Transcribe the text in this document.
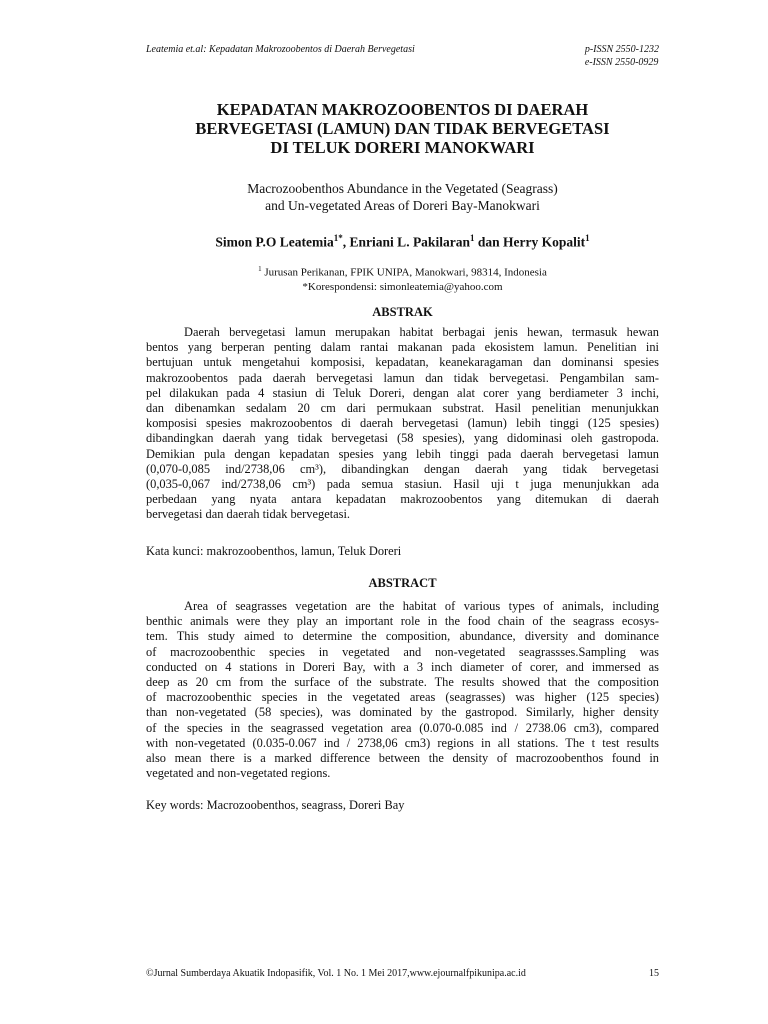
Leatemia et.al: Kepadatan Makrozoobentos di Daerah Bervegetasi	p-ISSN 2550-1232
e-ISSN 2550-0929
KEPADATAN MAKROZOOBENTOS DI DAERAH
BERVEGETASI (LAMUN) DAN TIDAK BERVEGETASI
DI TELUK DORERI MANOKWARI
Macrozoobenthos Abundance in the Vegetated (Seagrass)
and Un-vegetated Areas of Doreri Bay-Manokwari
Simon P.O Leatemia$^{1*}$, Enriani L. Pakilaran$^1$ dan Herry Kopalit$^1$
$^1$ Jurusan Perikanan, FPIK UNIPA, Manokwari, 98314, Indonesia
*Korespondensi: simonleatemia@yahoo.com
ABSTRAK
Daerah bervegetasi lamun merupakan habitat berbagai jenis hewan, termasuk hewan
bentos yang berperan penting dalam rantai makanan pada ekosistem lamun. Penelitian ini
bertujuan untuk mengetahui komposisi, kepadatan, keanekaragaman dan dominansi spesies
makrozoobentos pada daerah bervegetasi lamun dan tidak bervegetasi. Pengambilan sam-
pel dilakukan pada 4 stasiun di Teluk Doreri, dengan alat corer yang berdiameter 3 inchi,
dan dibenamkan sedalam 20 cm dari permukaan substrat. Hasil penelitian menunjukkan
komposisi spesies makrozoobentos di daerah bervegetasi (lamun) lebih tinggi (125 spesies)
dibandingkan daerah yang tidak bervegetasi (58 spesies), yang didominasi oleh gastropoda.
Demikian pula dengan kepadatan spesies yang lebih tinggi pada daerah bervegetasi lamun
(0,070-0,085 ind/2738,06 cm³), dibandingkan dengan daerah yang tidak bervegetasi
(0,035-0,067 ind/2738,06 cm³) pada semua stasiun. Hasil uji t juga menunjukkan ada
perbedaan yang nyata antara kepadatan makrozoobentos yang ditemukan di daerah
bervegetasi dan daerah tidak bervegetasi.
Kata kunci: makrozoobenthos, lamun, Teluk Doreri
ABSTRACT
Area of seagrasses vegetation are the habitat of various types of animals, including
benthic animals were they play an important role in the food chain of the seagrass ecosys-
tem. This study aimed to determine the composition, abundance, diversity and dominance
of macrozoobenthic species in vegetated and non-vegetated seagrassses.Sampling was
conducted on 4 stations in Doreri Bay, with a 3 inch diameter of corer, and immersed as
deep as 20 cm from the surface of the substrate. The results showed that the composition
of macrozoobenthic species in the vegetated areas (seagrasses) was higher (125 species)
than non-vegetated (58 species), was dominated by the gastropod. Similarly, higher density
of the species in the seagrassed vegetation area (0.070-0.085 ind / 2738.06 cm3), compared
with non-vegetated (0.035-0.067 ind / 2738,06 cm3) regions in all stations. The t test results
also mean there is a marked difference between the density of macrozoobenthos found in
vegetated and non-vegetated regions.
Key words: Macrozoobenthos, seagrass, Doreri Bay
©Jurnal Sumberdaya Akuatik Indopasifik, Vol. 1 No. 1 Mei 2017,www.ejournalfpikunipa.ac.id	15
